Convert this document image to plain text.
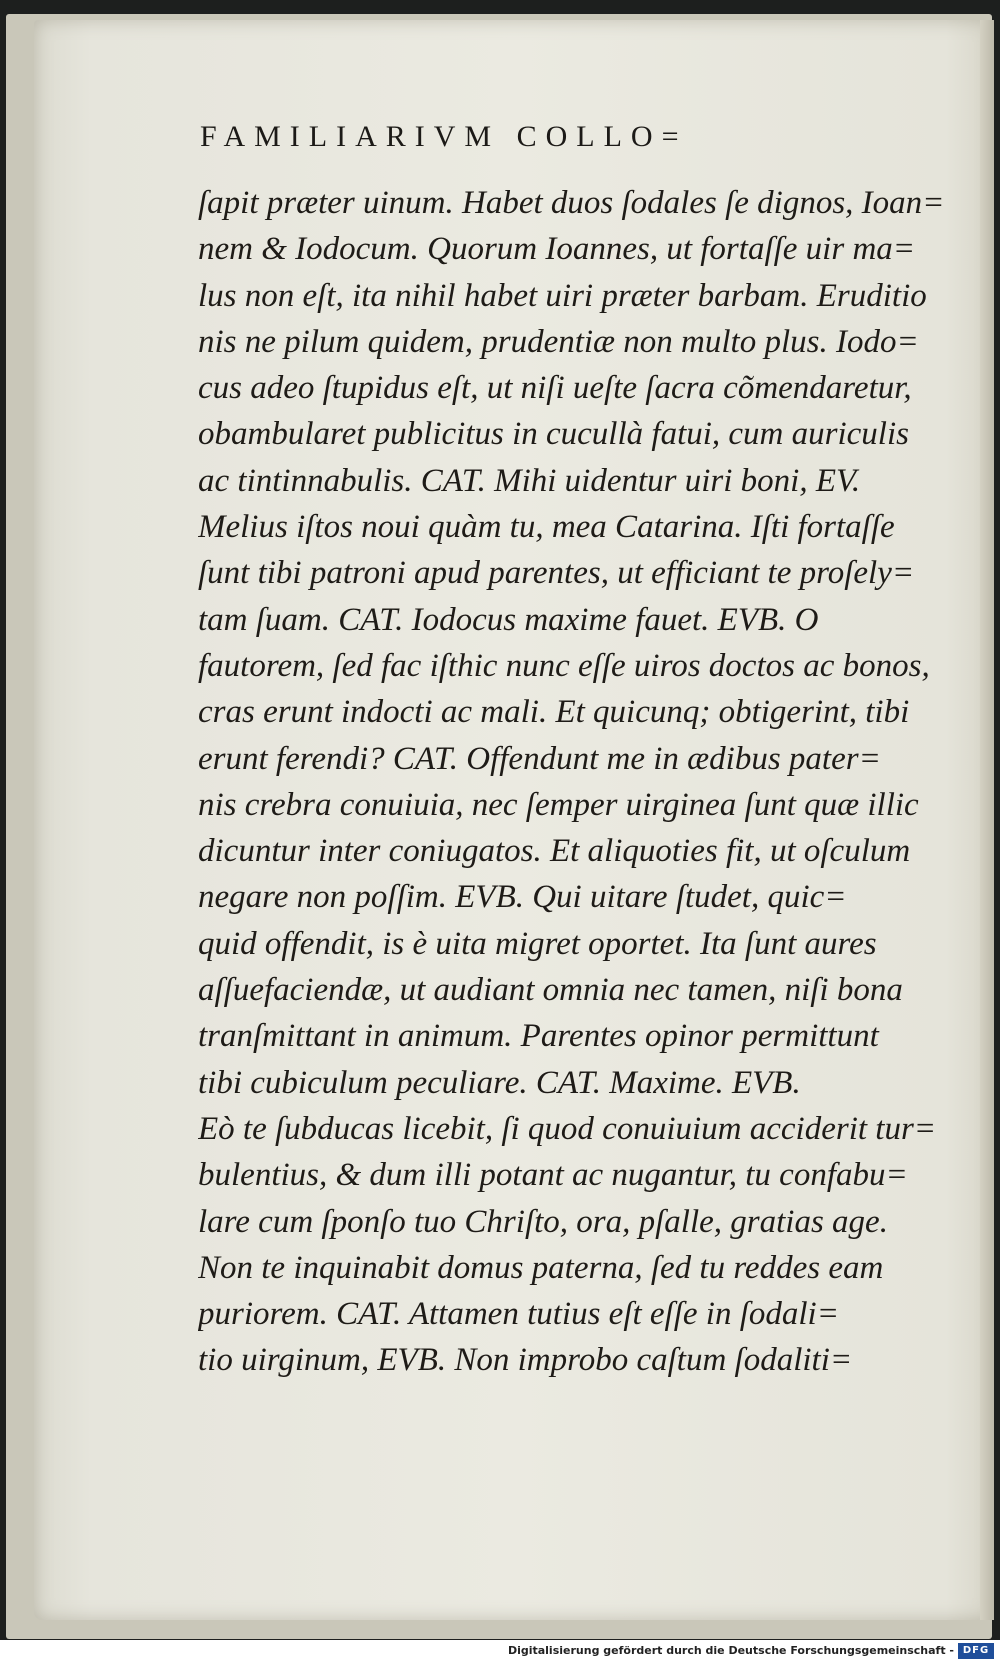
FAMILIARIVM COLLO=
ſapit præter uinum. Habet duos ſodales ſe dignos, Ioan=
nem & Iodocum. Quorum Ioannes, ut fortaſſe uir ma=
lus non eſt, ita nihil habet uiri præter barbam. Eruditio
nis ne pilum quidem, prudentiæ non multo plus. Iodo=
cus adeo ſtupidus eſt, ut niſi ueſte ſacra cõmendaretur,
obambularet publicitus in cucullà fatui, cum auriculis
ac tintinnabulis. CAT. Mihi uidentur uiri boni, EV.
Melius iſtos noui quàm tu, mea Catarina. Iſti fortaſſe
ſunt tibi patroni apud parentes, ut efficiant te proſely=
tam ſuam. CAT. Iodocus maxime fauet. EVB. O
fautorem, ſed fac iſthic nunc eſſe uiros doctos ac bonos,
cras erunt indocti ac mali. Et quicunq; obtigerint, tibi
erunt ferendi? CAT. Offendunt me in ædibus pater=
nis crebra conuiuia, nec ſemper uirginea ſunt quæ illic
dicuntur inter coniugatos. Et aliquoties fit, ut oſculum
negare non poſſim. EVB. Qui uitare ſtudet, quic=
quid offendit, is è uita migret oportet. Ita ſunt aures
aſſuefaciendæ, ut audiant omnia nec tamen, niſi bona
tranſmittant in animum. Parentes opinor permittunt
tibi cubiculum peculiare. CAT. Maxime. EVB.
Eò te ſubducas licebit, ſi quod conuiuium acciderit tur=
bulentius, & dum illi potant ac nugantur, tu confabu=
lare cum ſponſo tuo Chriſto, ora, pſalle, gratias age.
Non te inquinabit domus paterna, ſed tu reddes eam
puriorem. CAT. Attamen tutius eſt eſſe in ſodali=
tio uirginum, EVB. Non improbo caſtum ſodaliti=
Digitalisierung gefördert durch die Deutsche Forschungsgemeinschaft - DFG
